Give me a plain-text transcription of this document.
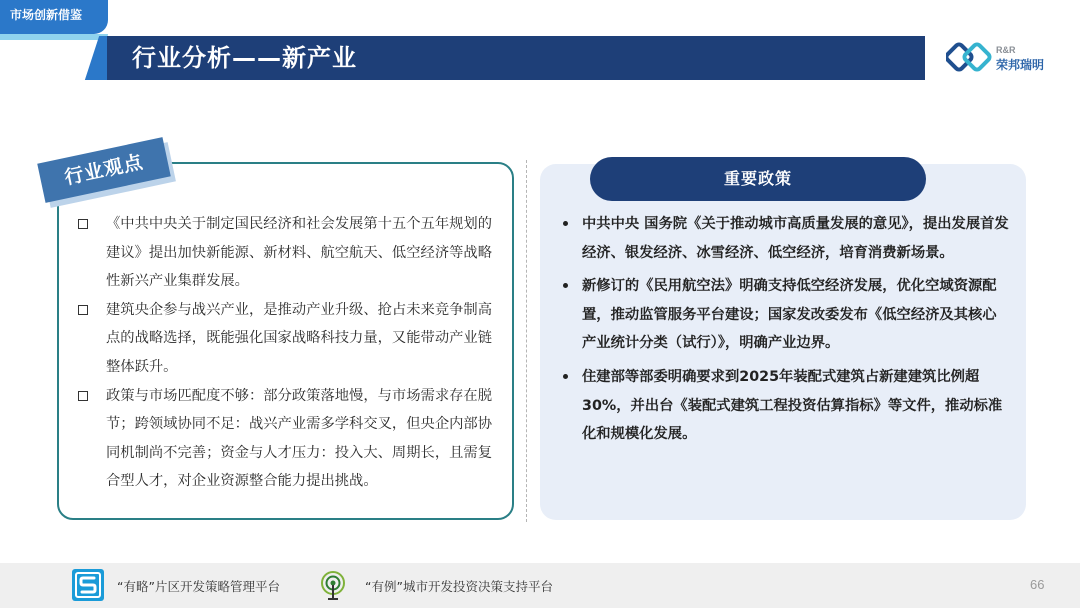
市场创新借鉴
行业分析——新产业	R&R
荣邦瑞明
行业观点
《中共中央关于制定国民经济和社会发展第十五个五年规划的建议》提出加快新能源、新材料、航空航天、低空经济等战略性新兴产业集群发展。
建筑央企参与战兴产业，是推动产业升级、抢占未来竞争制高点的战略选择，既能强化国家战略科技力量，又能带动产业链整体跃升。
政策与市场匹配度不够：部分政策落地慢，与市场需求存在脱节；跨领域协同不足：战兴产业需多学科交叉，但央企内部协同机制尚不完善；资金与人才压力：投入大、周期长，且需复合型人才，对企业资源整合能力提出挑战。
重要政策
中共中央 国务院《关于推动城市高质量发展的意见》，提出发展首发经济、银发经济、冰雪经济、低空经济，培育消费新场景。
新修订的《民用航空法》明确支持低空经济发展，优化空域资源配置，推动监管服务平台建设；国家发改委发布《低空经济及其核心产业统计分类（试行）》，明确产业边界。
住建部等部委明确要求到2025年装配式建筑占新建建筑比例超30%，并出台《装配式建筑工程投资估算指标》等文件，推动标准化和规模化发展。
“有略”片区开发策略管理平台	“有例”城市开发投资决策支持平台	66
